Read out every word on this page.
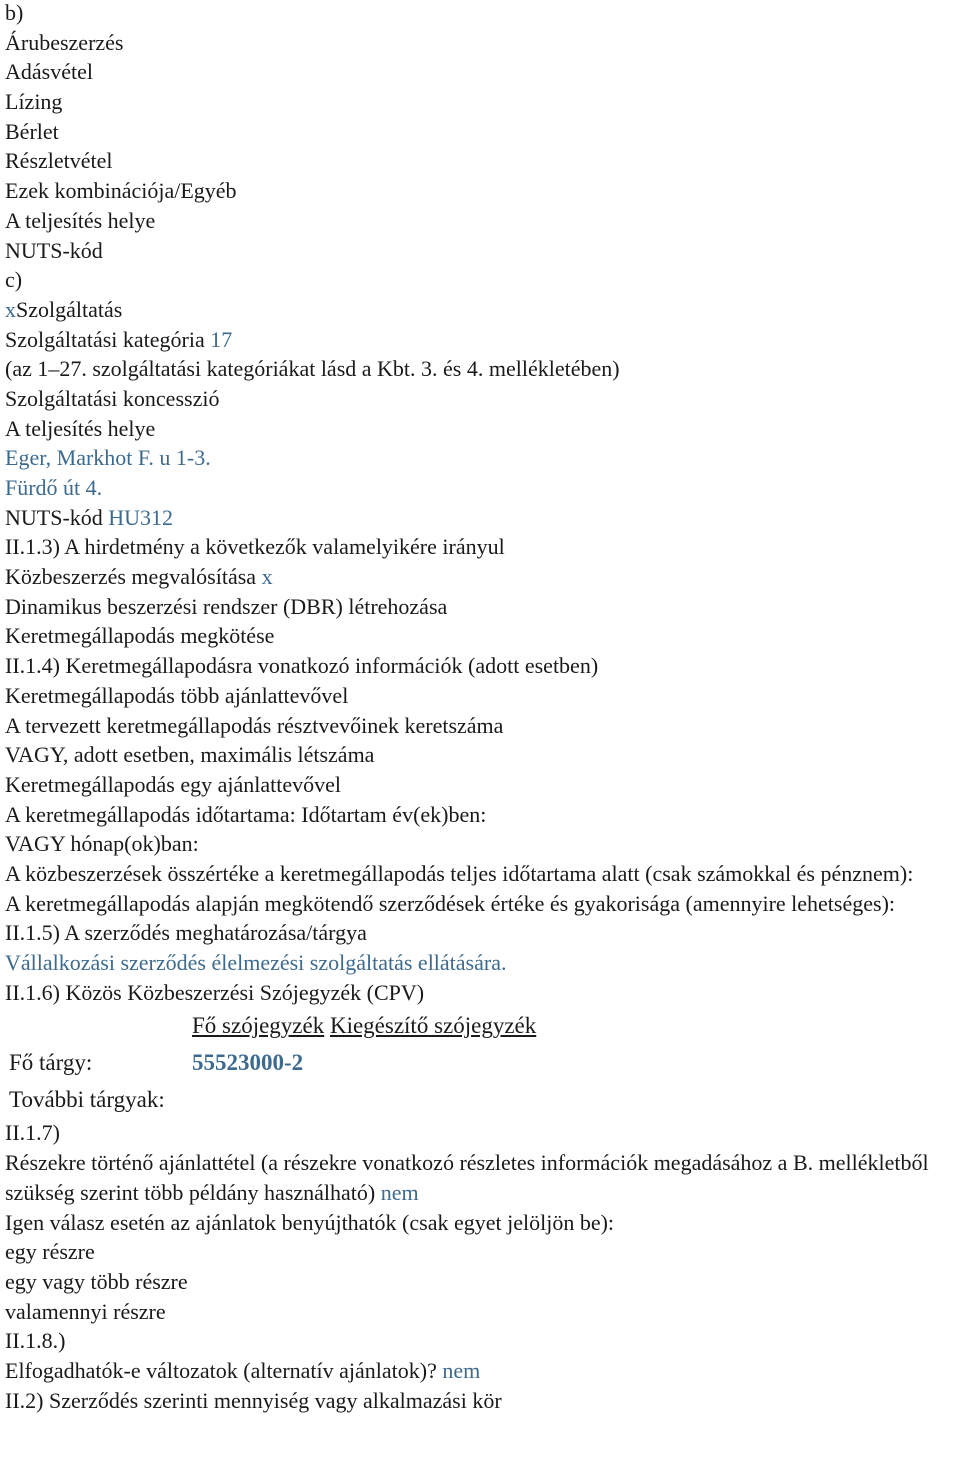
b)
Árubeszerzés
Adásvétel
Lízing
Bérlet
Részletvétel
Ezek kombinációja/Egyéb
A teljesítés helye
NUTS-kód
c)
xSzolgáltatás
Szolgáltatási kategória 17
(az 1–27. szolgáltatási kategóriákat lásd a Kbt. 3. és 4. mellékletében)
Szolgáltatási koncesszió
A teljesítés helye
Eger, Markhot F. u 1-3.
Fürdő út 4.
NUTS-kód HU312
II.1.3) A hirdetmény a következők valamelyikére irányul
Közbeszerzés megvalósítása x
Dinamikus beszerzési rendszer (DBR) létrehozása
Keretmegállapodás megkötése
II.1.4) Keretmegállapodásra vonatkozó információk (adott esetben)
Keretmegállapodás több ajánlattevővel
A tervezett keretmegállapodás résztvevőinek keretszáma
VAGY, adott esetben, maximális létszáma
Keretmegállapodás egy ajánlattevővel
A keretmegállapodás időtartama: Időtartam év(ek)ben:
VAGY hónap(ok)ban:
A közbeszerzések összértéke a keretmegállapodás teljes időtartama alatt (csak számokkal és pénznem):
A keretmegállapodás alapján megkötendő szerződések értéke és gyakorisága (amennyire lehetséges):
II.1.5) A szerződés meghatározása/tárgya
Vállalkozási szerződés élelmezési szolgáltatás ellátására.
II.1.6) Közös Közbeszerzési Szójegyzék (CPV)
Fő szójegyzék Kiegészítő szójegyzék
Fő tárgy:	55523000-2
További tárgyak:
II.1.7)
Részekre történő ajánlattétel (a részekre vonatkozó részletes információk megadásához a B. mellékletből szükség szerint több példány használható) nem
Igen válasz esetén az ajánlatok benyújthatók (csak egyet jelöljön be):
egy részre
egy vagy több részre
valamennyi részre
II.1.8.)
Elfogadhatók-e változatok (alternatív ajánlatok)? nem
II.2) Szerződés szerinti mennyiség vagy alkalmazási kör
